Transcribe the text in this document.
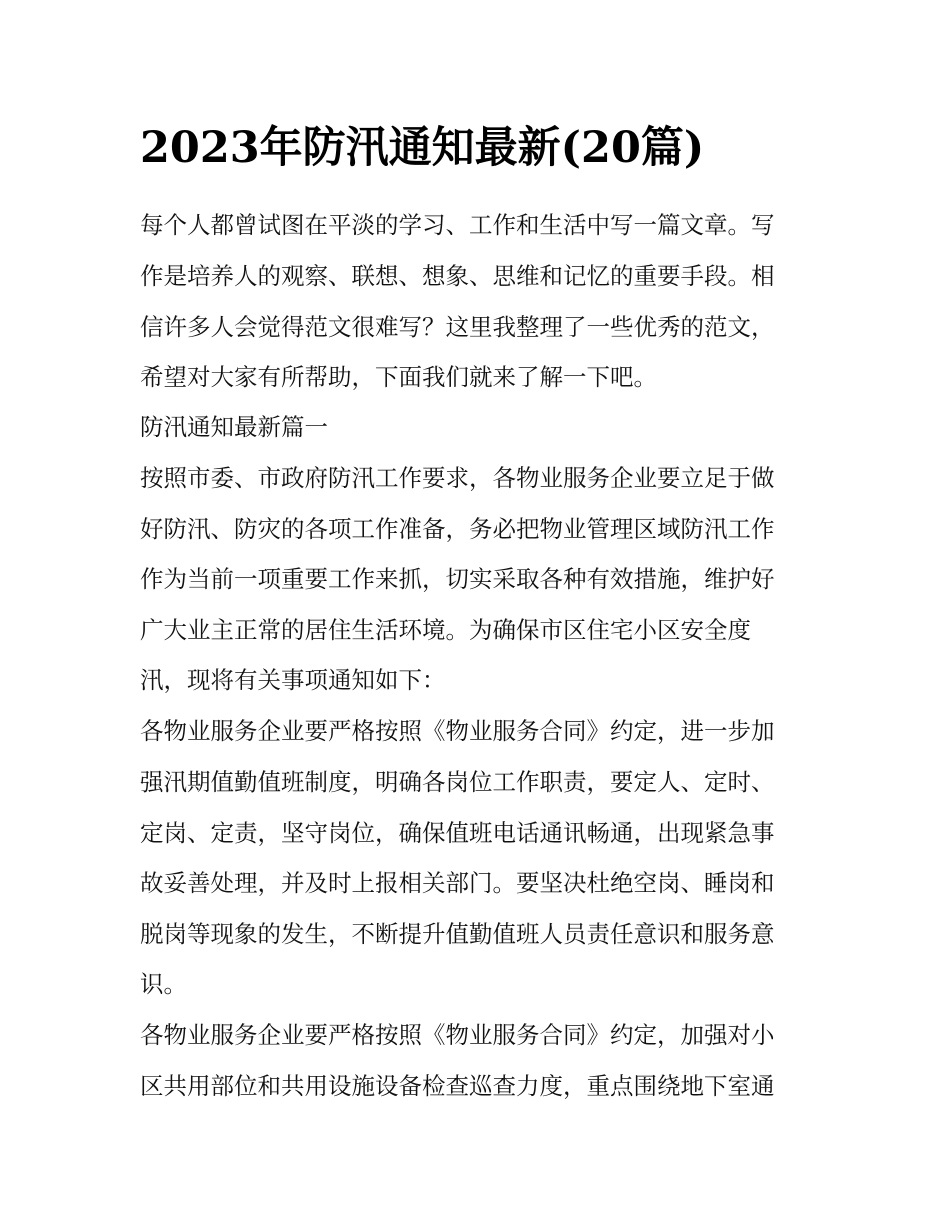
2023年防汛通知最新(20篇)

每个人都曾试图在平淡的学习、工作和生活中写一篇文章。写

作是培养人的观察、联想、想象、思维和记忆的重要手段。相

信许多人会觉得范文很难写？这里我整理了一些优秀的范文，

希望对大家有所帮助，下面我们就来了解一下吧。

防汛通知最新篇一

按照市委、市政府防汛工作要求，各物业服务企业要立足于做

好防汛、防灾的各项工作准备，务必把物业管理区域防汛工作

作为当前一项重要工作来抓，切实采取各种有效措施，维护好

广大业主正常的居住生活环境。为确保市区住宅小区安全度

汛，现将有关事项通知如下：

各物业服务企业要严格按照《物业服务合同》约定，进一步加

强汛期值勤值班制度，明确各岗位工作职责，要定人、定时、

定岗、定责，坚守岗位，确保值班电话通讯畅通，出现紧急事

故妥善处理，并及时上报相关部门。要坚决杜绝空岗、睡岗和

脱岗等现象的发生，不断提升值勤值班人员责任意识和服务意

识。

各物业服务企业要严格按照《物业服务合同》约定，加强对小

区共用部位和共用设施设备检查巡查力度，重点围绕地下室通
